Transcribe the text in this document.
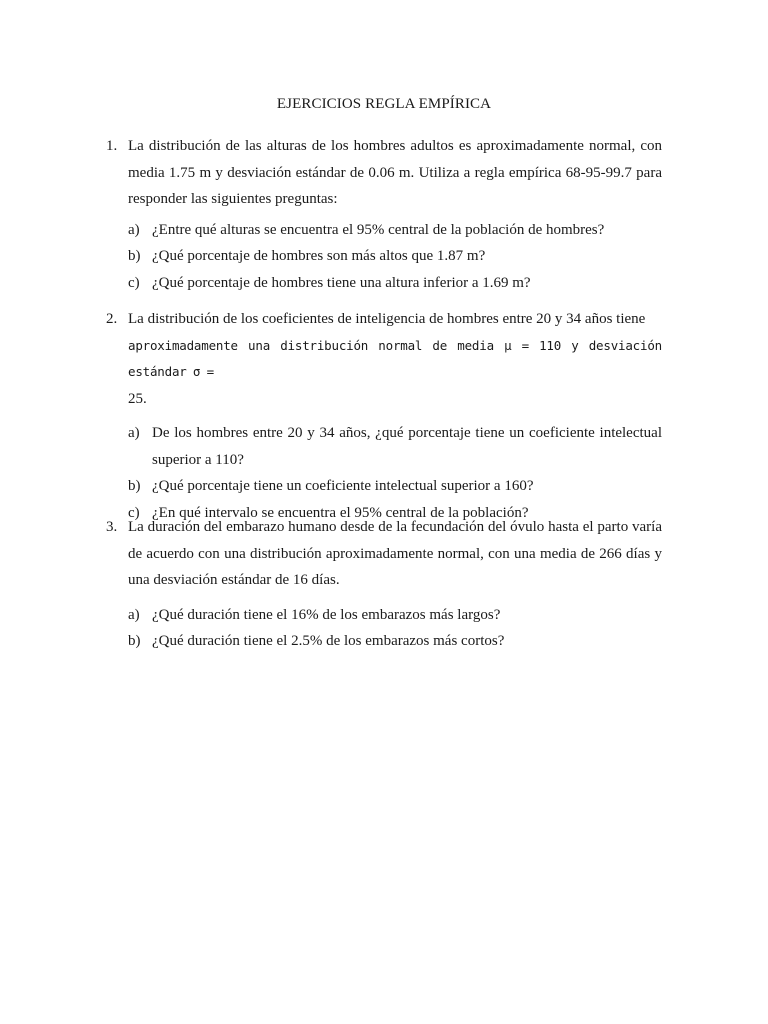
EJERCICIOS REGLA EMPÍRICA
1. La distribución de las alturas de los hombres adultos es aproximadamente normal, con media 1.75 m y desviación estándar de 0.06 m. Utiliza a regla empírica 68-95-99.7 para responder las siguientes preguntas:
a) ¿Entre qué alturas se encuentra el 95% central de la población de hombres?
b) ¿Qué porcentaje de hombres son más altos que 1.87 m?
c) ¿Qué porcentaje de hombres tiene una altura inferior a 1.69 m?
2. La distribución de los coeficientes de inteligencia de hombres entre 20 y 34 años tiene
aproximadamente una distribución normal de media μ = 110 y desviación estándar σ =
25.
a) De los hombres entre 20 y 34 años, ¿qué porcentaje tiene un coeficiente intelectual superior a 110?
b) ¿Qué porcentaje tiene un coeficiente intelectual superior a 160?
c) ¿En qué intervalo se encuentra el 95% central de la población?
3. La duración del embarazo humano desde de la fecundación del óvulo hasta el parto varía de acuerdo con una distribución aproximadamente normal, con una media de 266 días y una desviación estándar de 16 días.
a) ¿Qué duración tiene el 16% de los embarazos más largos?
b) ¿Qué duración tiene el 2.5% de los embarazos más cortos?
